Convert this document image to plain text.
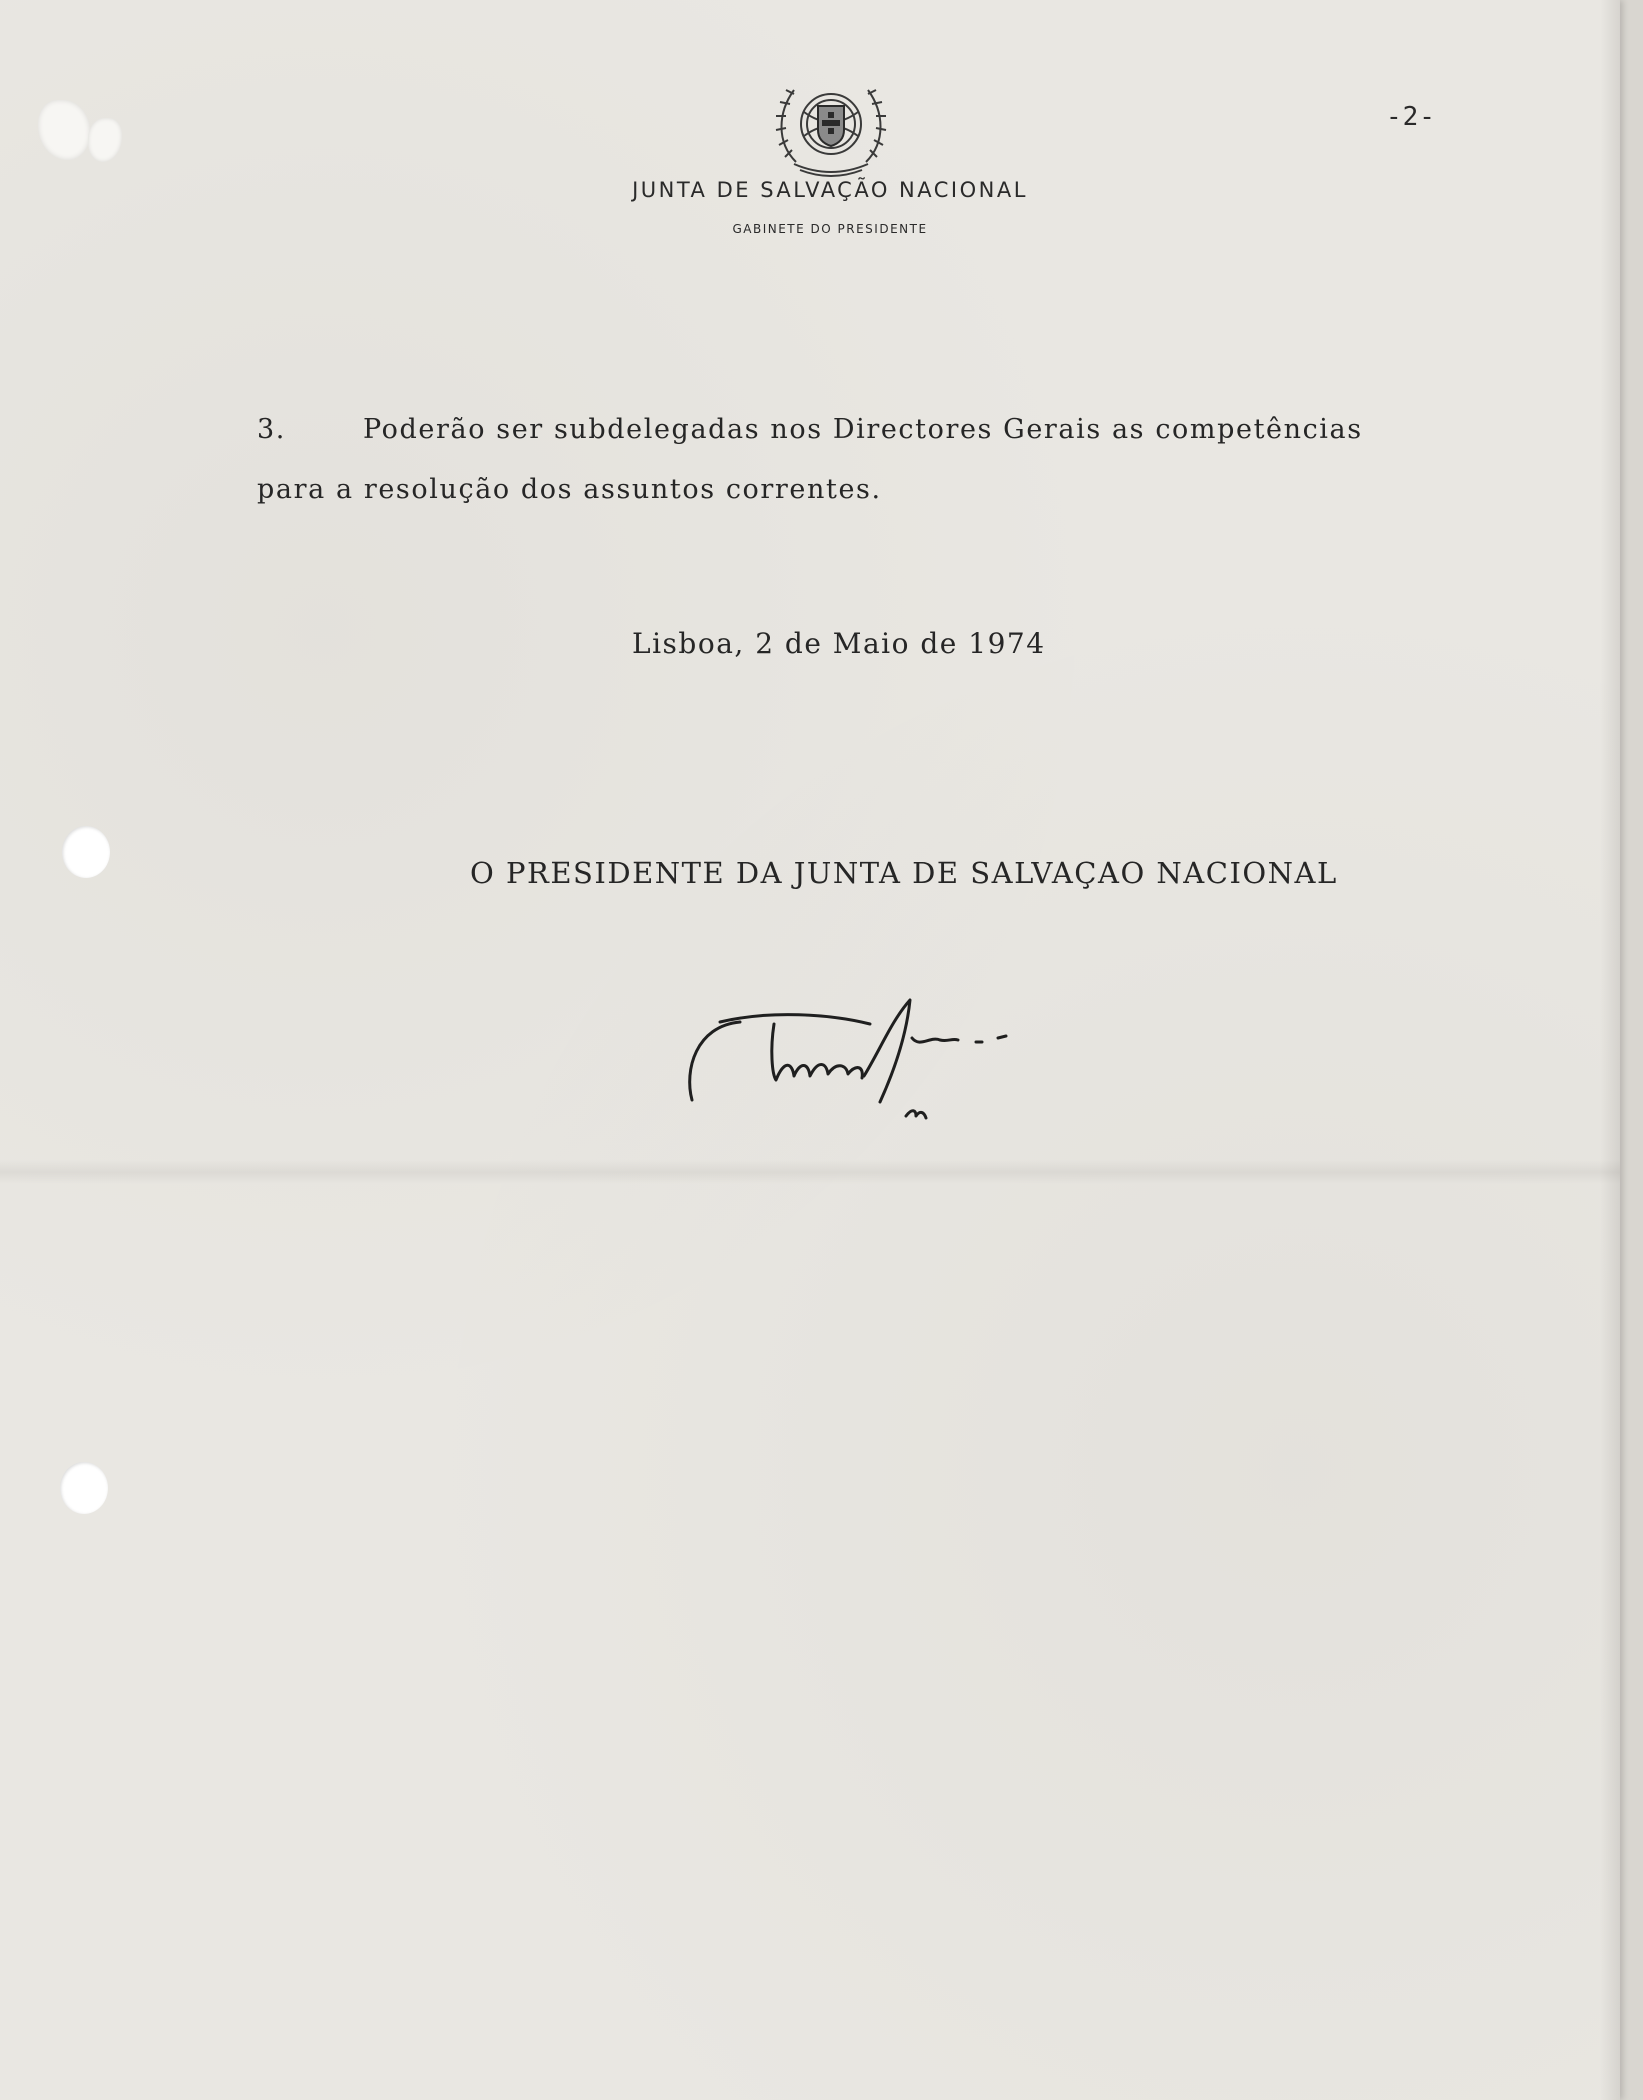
JUNTA DE SALVAÇÃO NACIONAL
GABINETE DO PRESIDENTE
-2-
3.	Poderão ser subdelegadas nos Directores Gerais as competências
para a resolução dos assuntos correntes.
Lisboa, 2 de Maio de 1974
O PRESIDENTE DA JUNTA DE SALVAÇAO NACIONAL
